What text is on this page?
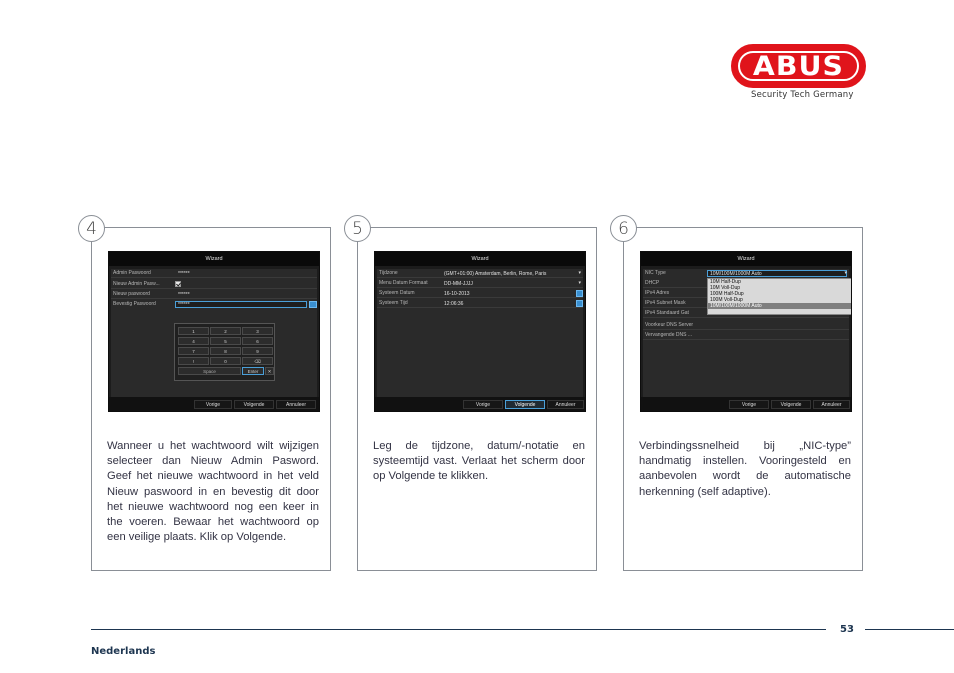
ABUS
Security Tech Germany
4
Wizard
Admin Paswoord	******
Nieuw Admin Pasw...
Nieuw paswoord	******
Bevestig Paswoord	******
1	2	3
4	5	6
7	8	9
!	0	⌫
Space	Enter	✕
Vorige	Volgende	Annuleer
Wanneer u het wachtwoord wilt wijzigen selecteer dan Nieuw Admin Pasword. Geef het nieuwe wachtwoord in het veld Nieuw paswoord in en bevestig dit door het nieuwe wachtwoord nog een keer in the voeren. Bewaar het wachtwoord op een veilige plaats. Klik op Volgende.
5
Wizard
Tijdzone	(GMT+01:00) Amsterdam, Berlin, Rome, Paris	▾
Menu Datum Formaat	DD-MM-JJJJ	▾
Systeem Datum	16-10-2013
Systeem Tijd	12:06:36
Vorige	Volgende	Annuleer
Leg de tijdzone, datum/-notatie en systeemtijd vast. Verlaat het scherm door op Volgende te klikken.
6
Wizard
NIC Type	10M/100M/1000M Auto	▾
DHCP
IPv4 Adres
IPv4 Subnet Mask
IPv4 Standaard Gat
Voorkeur DNS Server
Vervangende DNS ...
10M Half-Dup
10M Voll-Dup
100M Half-Dup
100M Voll-Dup
10M/100M/1000M Auto
Vorige	Volgende	Annuleer
Verbindingssnelheid bij „NIC-type” handmatig instellen. Vooringesteld en aanbevolen wordt de automatische herkenning (self adaptive).
53
Nederlands
